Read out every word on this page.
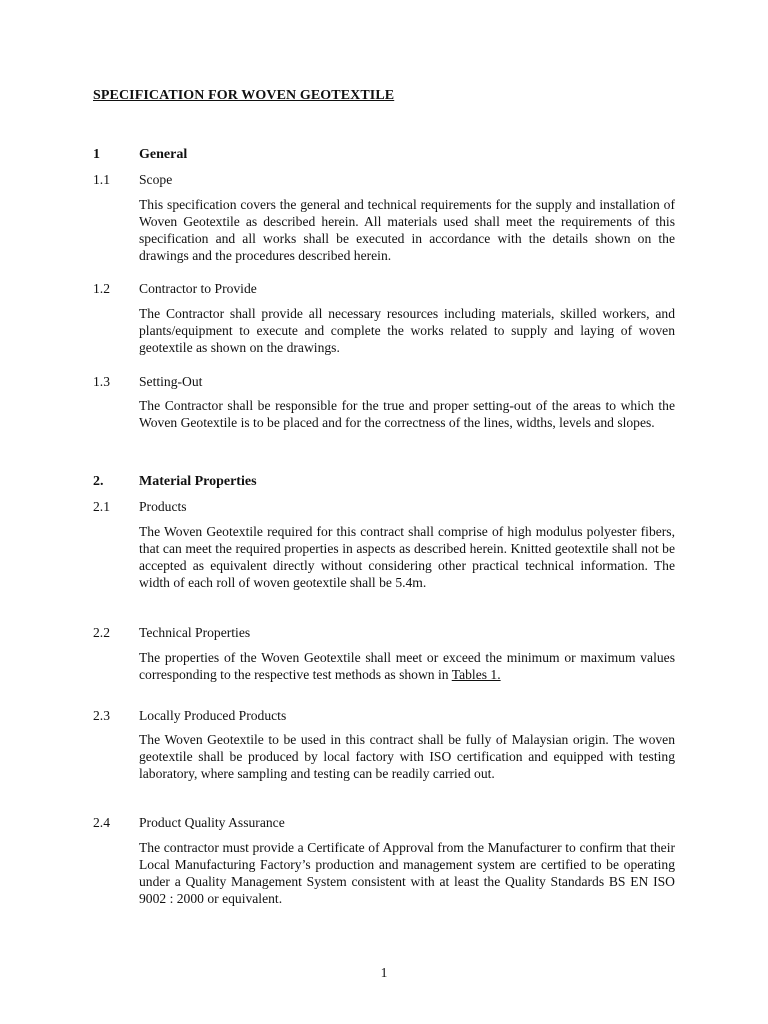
SPECIFICATION FOR WOVEN GEOTEXTILE
1	General
1.1 Scope

This specification covers the general and technical requirements for the supply and installation of Woven Geotextile as described herein. All materials used shall meet the requirements of this specification and all works shall be executed in accordance with the details shown on the drawings and the procedures described herein.

1.2 Contractor to Provide

The Contractor shall provide all necessary resources including materials, skilled workers, and plants/equipment to execute and complete the works related to supply and laying of woven geotextile as shown on the drawings.

1.3 Setting-Out

The Contractor shall be responsible for the true and proper setting-out of the areas to which the Woven Geotextile is to be placed and for the correctness of the lines, widths, levels and slopes.

2.	Material Properties
2.1 Products

The Woven Geotextile required for this contract shall comprise of high modulus polyester fibers, that can meet the required properties in aspects as described herein. Knitted geotextile shall not be accepted as equivalent directly without considering other practical technical information. The width of each roll of woven geotextile shall be 5.4m.

2.2 Technical Properties

The properties of the Woven Geotextile shall meet or exceed the minimum or maximum values corresponding to the respective test methods as shown in Tables 1.

2.3 Locally Produced Products

The Woven Geotextile to be used in this contract shall be fully of Malaysian origin. The woven geotextile shall be produced by local factory with ISO certification and equipped with testing laboratory, where sampling and testing can be readily carried out.

2.4 Product Quality Assurance

The contractor must provide a Certificate of Approval from the Manufacturer to confirm that their Local Manufacturing Factory’s production and management system are certified to be operating under a Quality Management System consistent with at least the Quality Standards BS EN ISO 9002 : 2000 or equivalent.

1
